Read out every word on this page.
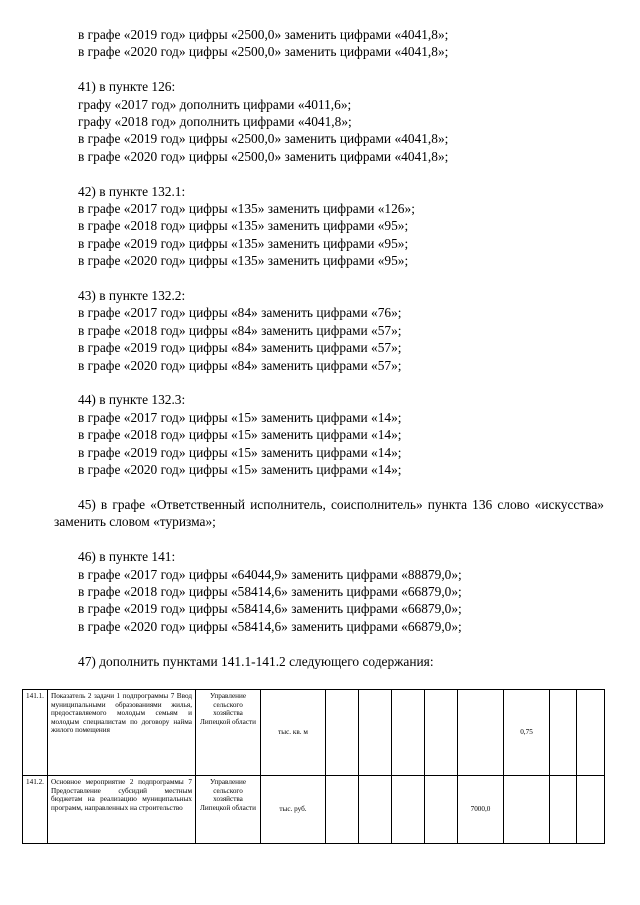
в графе «2019 год» цифры «2500,0» заменить цифрами «4041,8»;

в графе «2020 год» цифры «2500,0» заменить цифрами «4041,8»;

41) в пункте 126:

графу «2017 год» дополнить цифрами «4011,6»;

графу «2018 год» дополнить цифрами «4041,8»;

в графе «2019 год» цифры «2500,0» заменить цифрами «4041,8»;

в графе «2020 год» цифры «2500,0» заменить цифрами «4041,8»;

42) в пункте 132.1:

в графе «2017 год» цифры «135» заменить цифрами «126»;

в графе «2018 год» цифры «135» заменить цифрами «95»;

в графе «2019 год» цифры «135» заменить цифрами «95»;

в графе «2020 год» цифры «135» заменить цифрами «95»;

43) в пункте 132.2:

в графе «2017 год» цифры «84» заменить цифрами «76»;

в графе «2018 год» цифры «84» заменить цифрами «57»;

в графе «2019 год» цифры «84» заменить цифрами «57»;

в графе «2020 год» цифры «84» заменить цифрами «57»;

44) в пункте 132.3:

в графе «2017 год» цифры «15» заменить цифрами «14»;

в графе «2018 год» цифры «15» заменить цифрами «14»;

в графе «2019 год» цифры «15» заменить цифрами «14»;

в графе «2020 год» цифры «15» заменить цифрами «14»;

45) в графе «Ответственный исполнитель, соисполнитель» пункта 136 слово «искусства» заменить словом «туризма»;

46) в пункте 141:

в графе «2017 год» цифры «64044,9» заменить цифрами «88879,0»;

в графе «2018 год» цифры «58414,6» заменить цифрами «66879,0»;

в графе «2019 год» цифры «58414,6» заменить цифрами «66879,0»;

в графе «2020 год» цифры «58414,6» заменить цифрами «66879,0»;

47) дополнить пунктами 141.1-141.2 следующего содержания:

141.1.	Показатель 2 задачи 1 подпрограммы 7 Ввод муниципальными образованиями жилья, предоставляемого молодым семьям и молодым специалистам по договору найма жилого помещения	Управление сельского хозяйства Липецкой области	тыс. кв. м						0,75		
141.2.	Основное мероприятие 2 подпрограммы 7 Предоставление субсидий местным бюджетам на реализацию муниципальных программ, направленных на строительство	Управление сельского хозяйства Липецкой области	тыс. руб.					7000,0			
